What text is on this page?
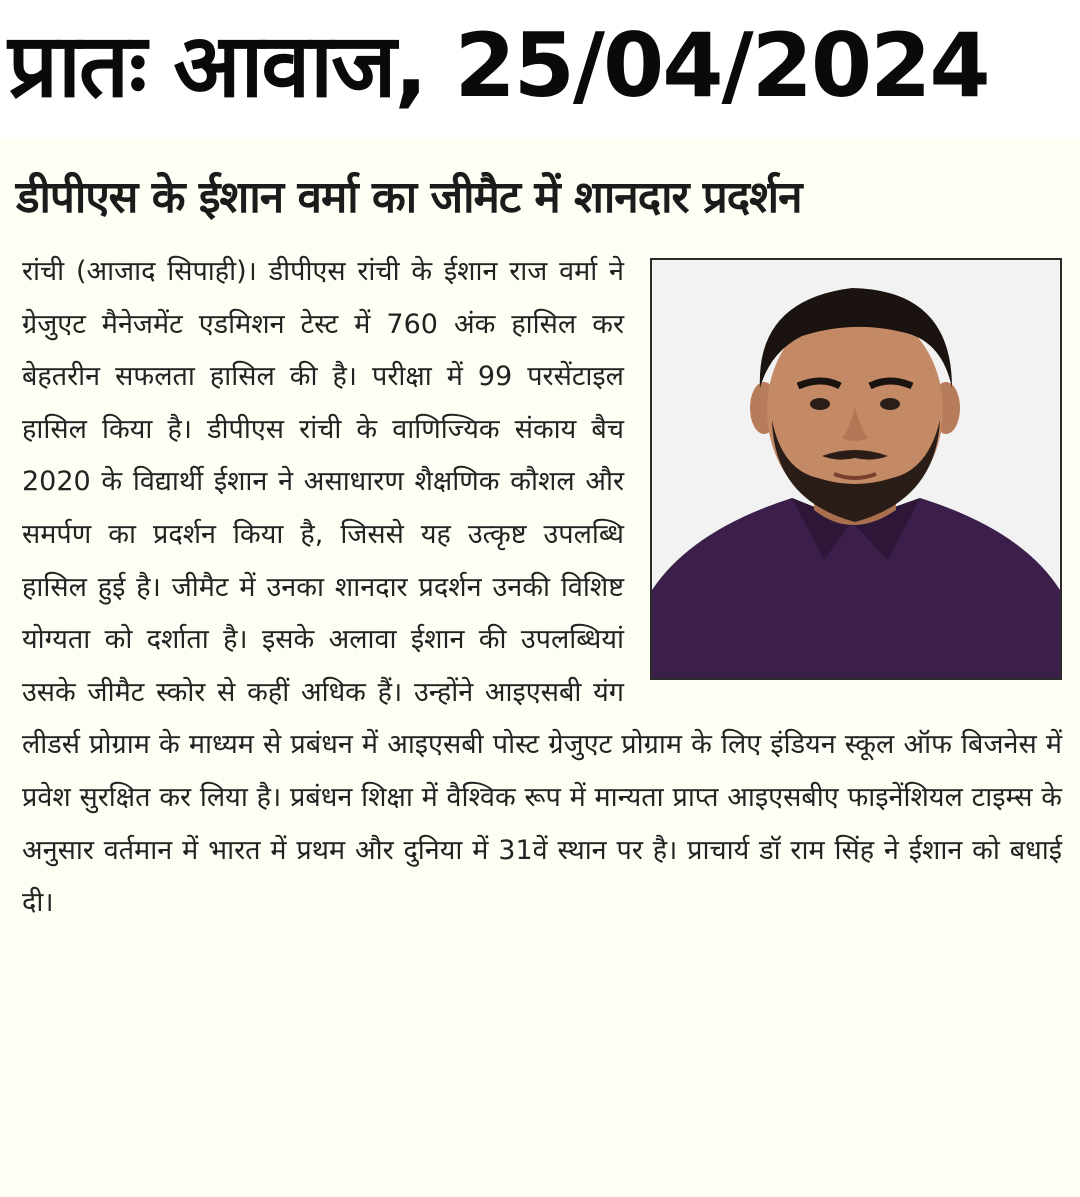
प्रातः आवाज, 25/04/2024
डीपीएस के ईशान वर्मा का जीमैट में शानदार प्रदर्शन

रांची (आजाद सिपाही)। डीपीएस रांची के ईशान राज वर्मा ने ग्रेजुएट मैनेजमेंट एडमिशन टेस्ट में 760 अंक हासिल कर बेहतरीन सफलता हासिल की है। परीक्षा में 99 परसेंटाइल हासिल किया है। डीपीएस रांची के वाणिज्यिक संकाय बैच 2020 के विद्यार्थी ईशान ने असाधारण शैक्षणिक कौशल और समर्पण का प्रदर्शन किया है, जिससे यह उत्कृष्ट उपलब्धि हासिल हुई है। जीमैट में उनका शानदार प्रदर्शन उनकी विशिष्ट योग्यता को दर्शाता है। इसके अलावा ईशान की उपलब्धियां उसके जीमैट स्कोर से कहीं अधिक हैं। उन्होंने आइएसबी यंग लीडर्स प्रोग्राम के माध्यम से प्रबंधन में आइएसबी पोस्ट ग्रेजुएट प्रोग्राम के लिए इंडियन स्कूल ऑफ बिजनेस में प्रवेश सुरक्षित कर लिया है। प्रबंधन शिक्षा में वैश्विक रूप में मान्यता प्राप्त आइएसबीए फाइनेंशियल टाइम्स के अनुसार वर्तमान में भारत में प्रथम और दुनिया में 31वें स्थान पर है। प्राचार्य डॉ राम सिंह ने ईशान को बधाई दी।
